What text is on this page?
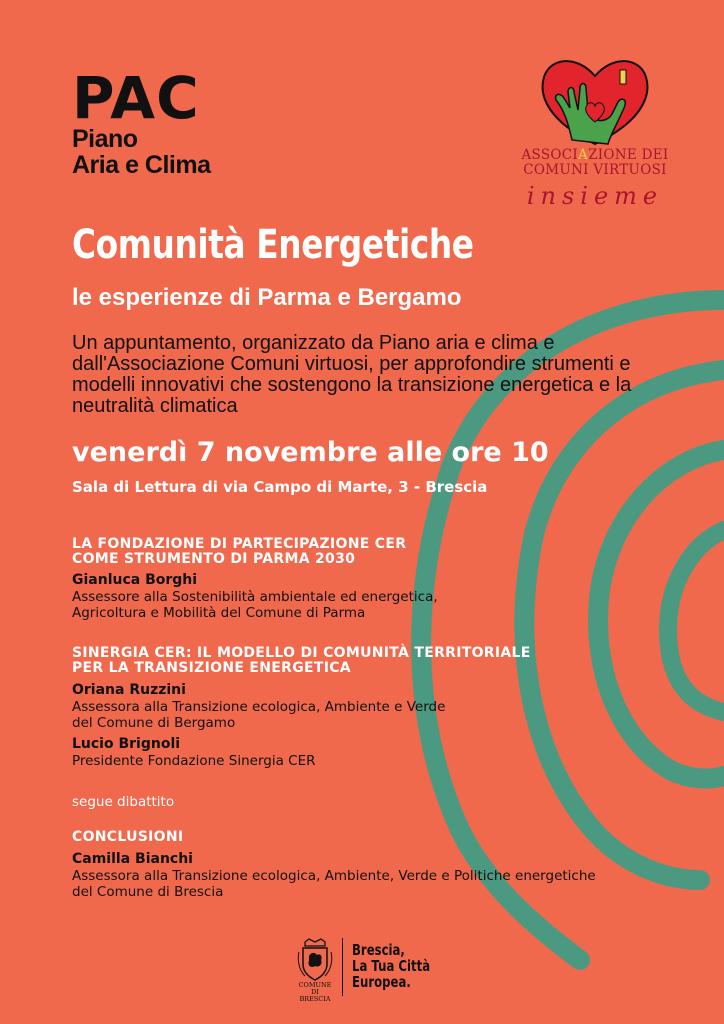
PAC
Piano
Aria e Clima	ASSOCIAZIONE DEI
COMUNI VIRTUOSI
insieme
Comunità Energetiche
le esperienze di Parma e Bergamo
Un appuntamento, organizzato da Piano aria e clima e dall'Associazione Comuni virtuosi, per approfondire strumenti e modelli innovativi che sostengono la transizione energetica e la neutralità climatica
venerdì 7 novembre alle ore 10
Sala di Lettura di via Campo di Marte, 3 - Brescia
LA FONDAZIONE DI PARTECIPAZIONE CER
COME STRUMENTO DI PARMA 2030
Gianluca Borghi
Assessore alla Sostenibilità ambientale ed energetica,
Agricoltura e Mobilità del Comune di Parma
SINERGIA CER: IL MODELLO DI COMUNITÀ TERRITORIALE
PER LA TRANSIZIONE ENERGETICA
Oriana Ruzzini
Assessora alla Transizione ecologica, Ambiente e Verde
del Comune di Bergamo
Lucio Brignoli
Presidente Fondazione Sinergia CER
segue dibattito
CONCLUSIONI
Camilla Bianchi
Assessora alla Transizione ecologica, Ambiente, Verde e Politiche energetiche
del Comune di Brescia
COMUNE DI
BRESCIA
Brescia,
La Tua Città
Europea.
